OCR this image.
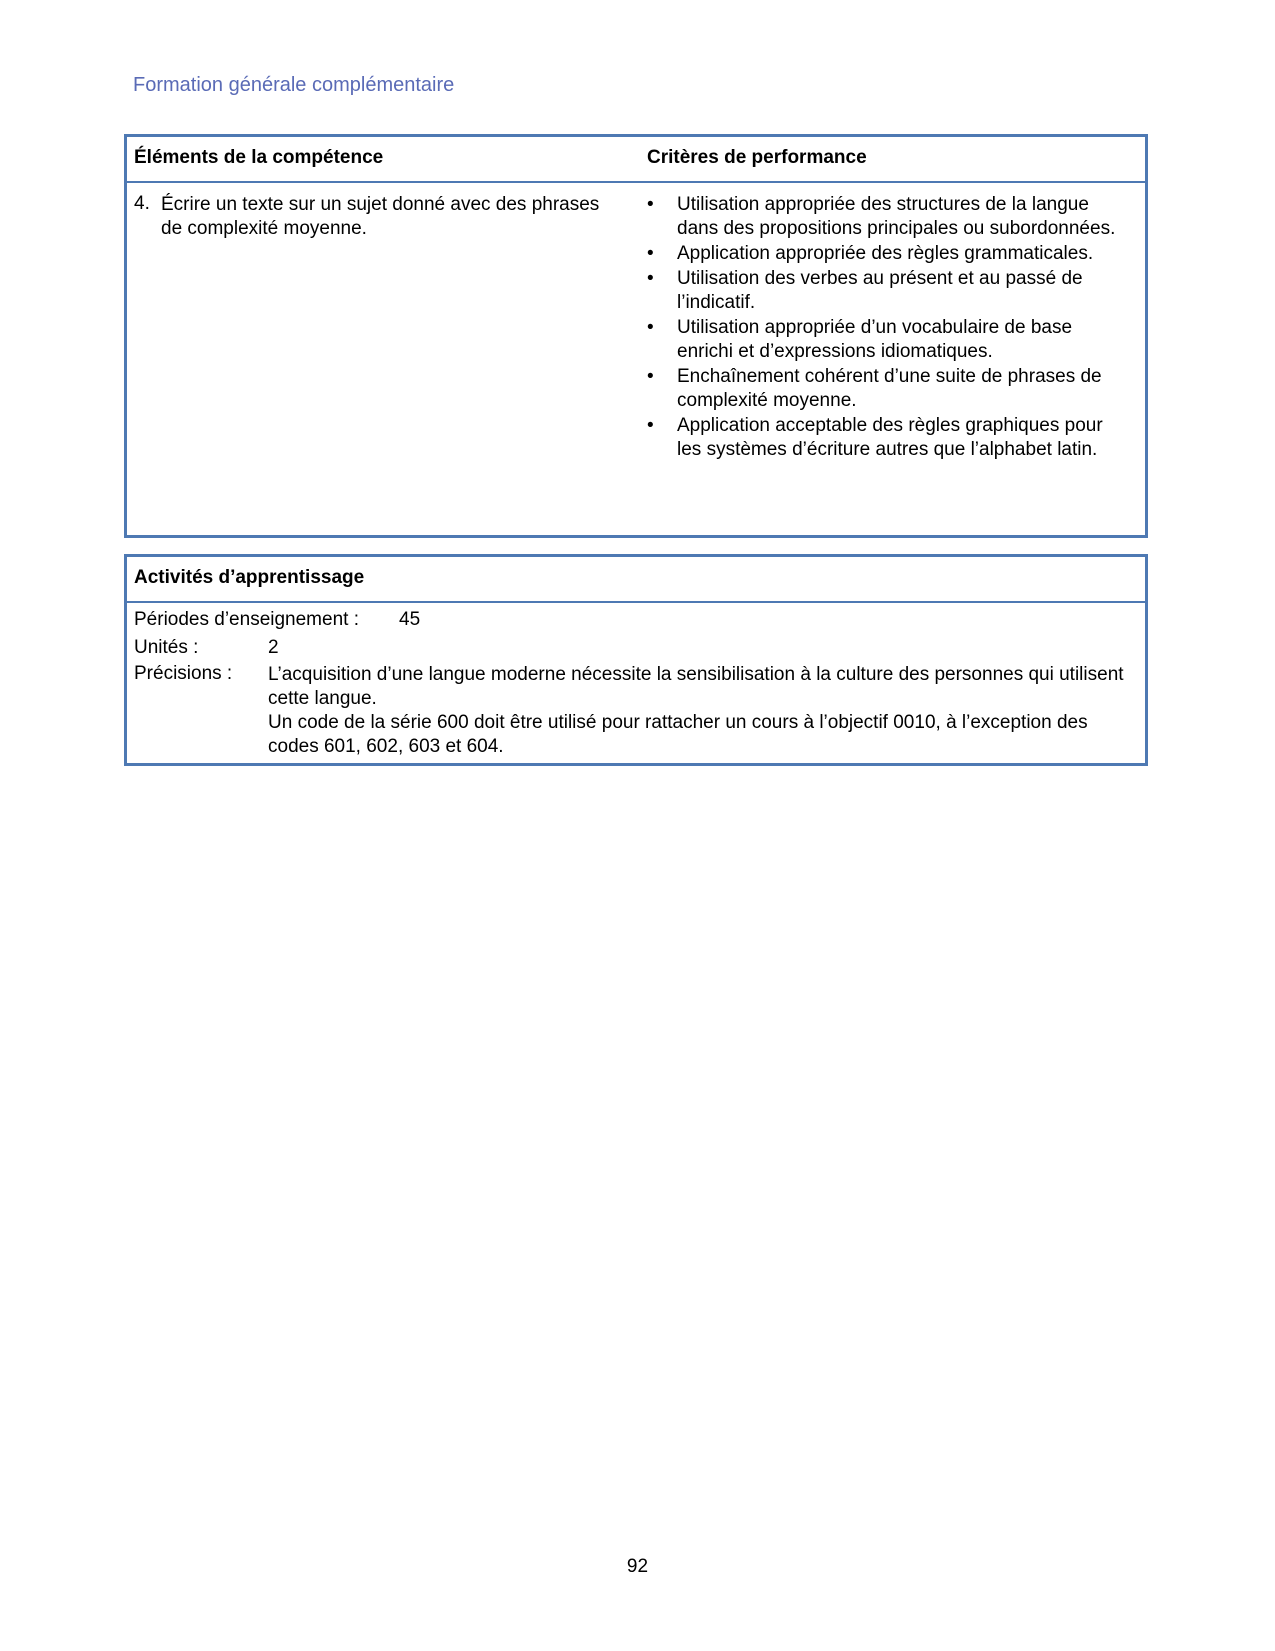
Formation générale complémentaire
Éléments de la compétence	Critères de performance
4. Écrire un texte sur un sujet donné avec des phrases de complexité moyenne.
•	Utilisation appropriée des structures de la langue dans des propositions principales ou subordonnées.
•	Application appropriée des règles grammaticales.
•	Utilisation des verbes au présent et au passé de l’indicatif.
•	Utilisation appropriée d’un vocabulaire de base enrichi et d’expressions idiomatiques.
•	Enchaînement cohérent d’une suite de phrases de complexité moyenne.
•	Application acceptable des règles graphiques pour les systèmes d’écriture autres que l’alphabet latin.
Activités d’apprentissage
Périodes d’enseignement : 45
Unités :	2
Précisions : L’acquisition d’une langue moderne nécessite la sensibilisation à la culture des personnes qui utilisent cette langue.

Un code de la série 600 doit être utilisé pour rattacher un cours à l’objectif 0010, à l’exception des codes 601, 602, 603 et 604.

92
